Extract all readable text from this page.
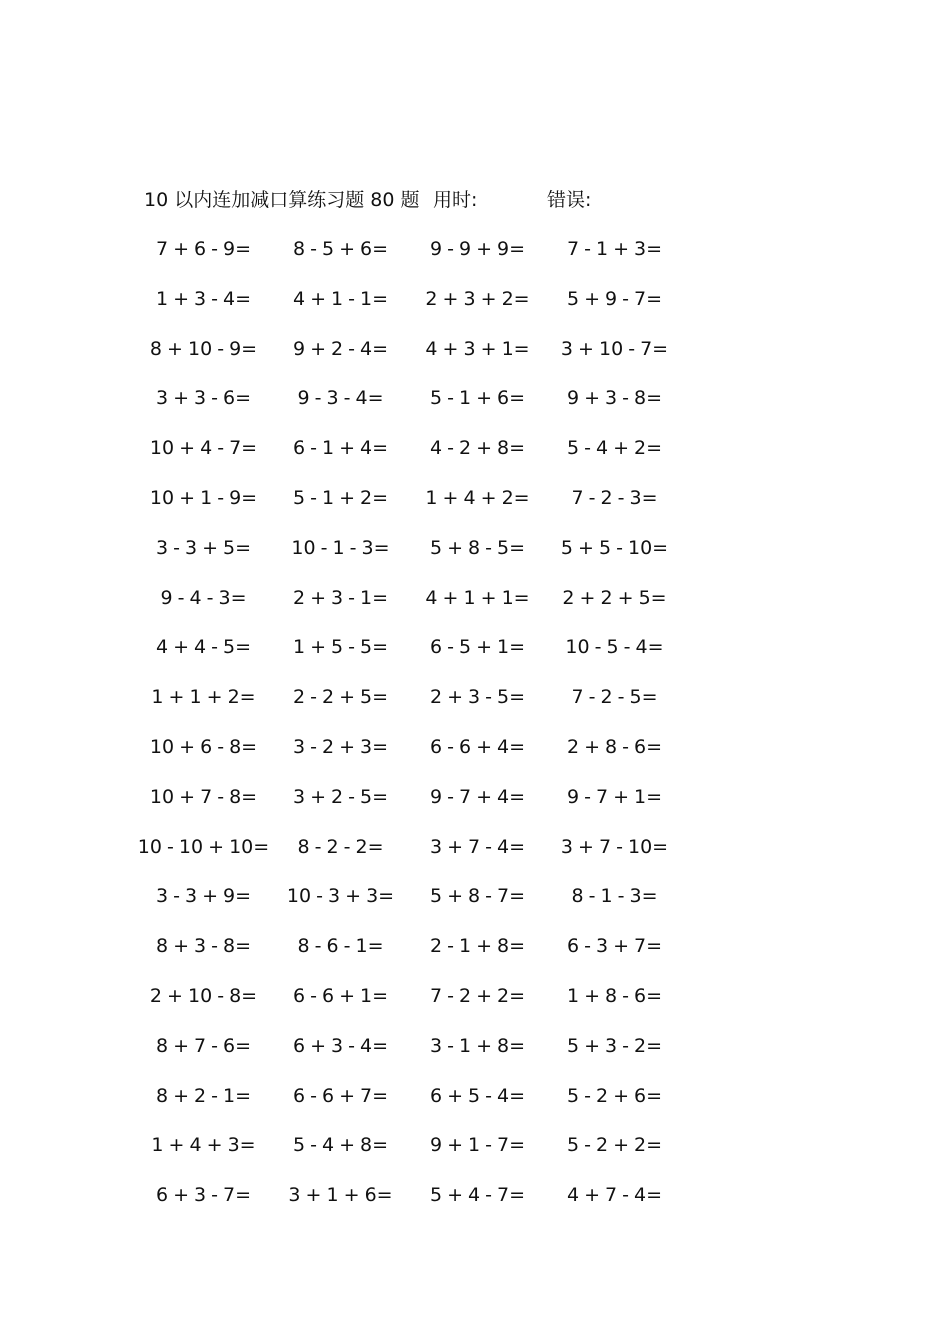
10 以内连加减口算练习题 80 题 用时:	错误:
7 + 6 - 9=	8 - 5 + 6=	9 - 9 + 9=	7 - 1 + 3=
1 + 3 - 4=	4 + 1 - 1=	2 + 3 + 2=	5 + 9 - 7=
8 + 10 - 9=	9 + 2 - 4=	4 + 3 + 1=	3 + 10 - 7=
3 + 3 - 6=	9 - 3 - 4=	5 - 1 + 6=	9 + 3 - 8=
10 + 4 - 7=	6 - 1 + 4=	4 - 2 + 8=	5 - 4 + 2=
10 + 1 - 9=	5 - 1 + 2=	1 + 4 + 2=	7 - 2 - 3=
3 - 3 + 5=	10 - 1 - 3=	5 + 8 - 5=	5 + 5 - 10=
9 - 4 - 3=	2 + 3 - 1=	4 + 1 + 1=	2 + 2 + 5=
4 + 4 - 5=	1 + 5 - 5=	6 - 5 + 1=	10 - 5 - 4=
1 + 1 + 2=	2 - 2 + 5=	2 + 3 - 5=	7 - 2 - 5=
10 + 6 - 8=	3 - 2 + 3=	6 - 6 + 4=	2 + 8 - 6=
10 + 7 - 8=	3 + 2 - 5=	9 - 7 + 4=	9 - 7 + 1=
10 - 10 + 10=	8 - 2 - 2=	3 + 7 - 4=	3 + 7 - 10=
3 - 3 + 9=	10 - 3 + 3=	5 + 8 - 7=	8 - 1 - 3=
8 + 3 - 8=	8 - 6 - 1=	2 - 1 + 8=	6 - 3 + 7=
2 + 10 - 8=	6 - 6 + 1=	7 - 2 + 2=	1 + 8 - 6=
8 + 7 - 6=	6 + 3 - 4=	3 - 1 + 8=	5 + 3 - 2=
8 + 2 - 1=	6 - 6 + 7=	6 + 5 - 4=	5 - 2 + 6=
1 + 4 + 3=	5 - 4 + 8=	9 + 1 - 7=	5 - 2 + 2=
6 + 3 - 7=	3 + 1 + 6=	5 + 4 - 7=	4 + 7 - 4=
